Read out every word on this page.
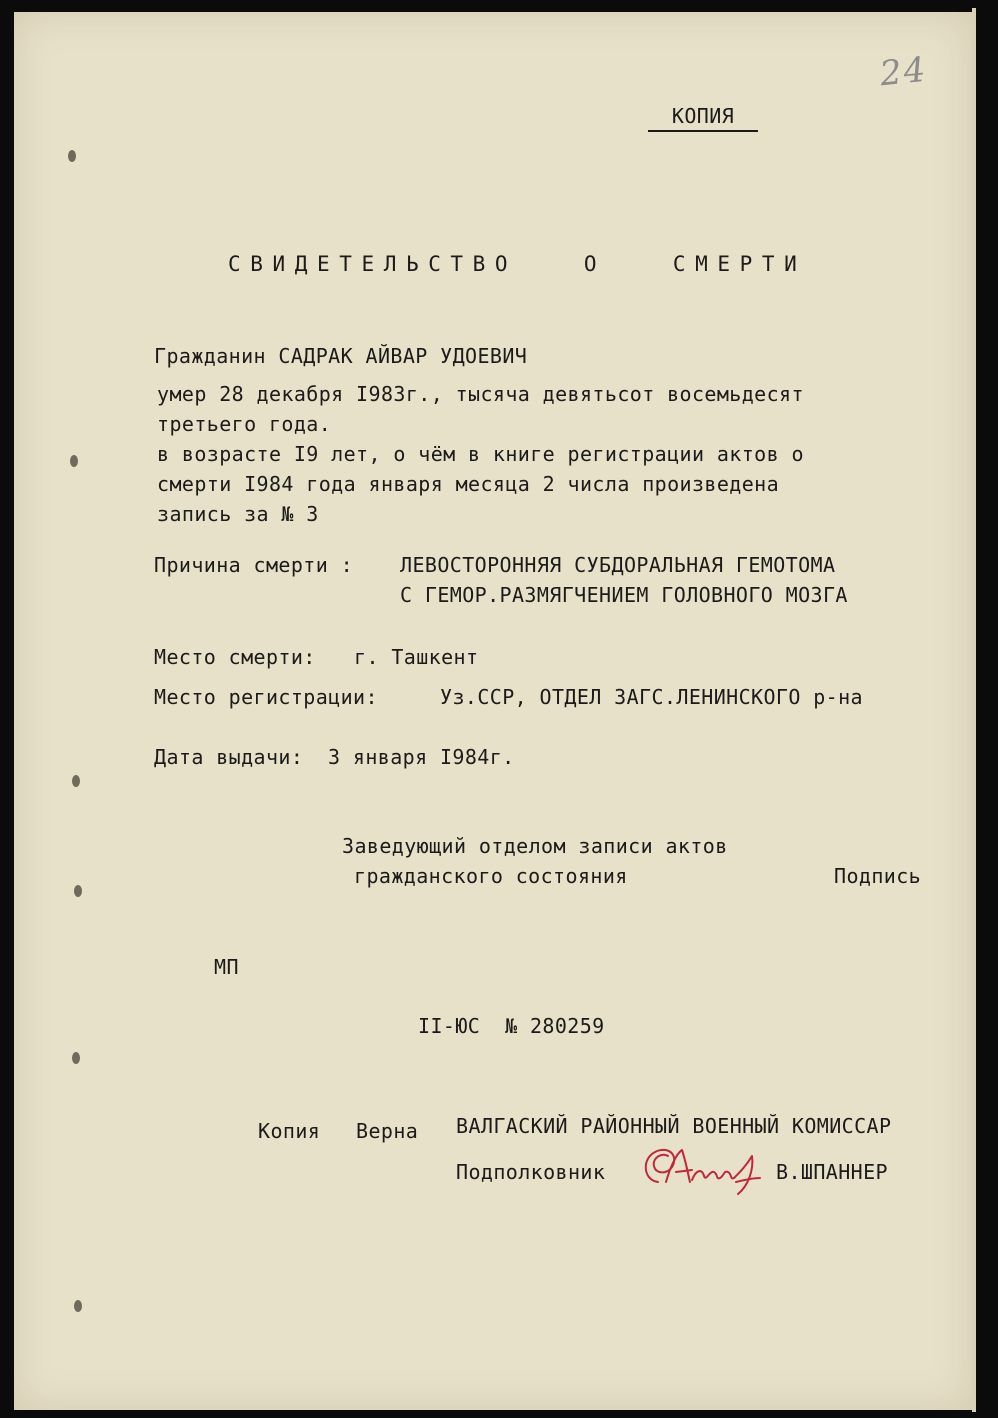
24
КОПИЯ
СВИДЕТЕЛЬСТВО   О   СМЕРТИ
Гражданин САДРАК АЙВАР УДОЕВИЧ
умер 28 декабря I983г., тысяча девятьсот восемьдесят
третьего года.
в возрасте I9 лет, о чём в книге регистрации актов о
смерти I984 года января месяца 2 числа произведена
запись за № 3
Причина смерти : ЛЕВОСТОРОННЯЯ СУБДОРАЛЬНАЯ ГЕМОТОМА
С ГЕМОР.РАЗМЯГЧЕНИЕМ ГОЛОВНОГО МОЗГА
Место смерти: г. Ташкент
Место регистрации:	Уз.ССР, ОТДЕЛ ЗАГС.ЛЕНИНСКОГО р-на
Дата выдачи: 3 января I984г.
Заведующий отделом записи актов
гражданского состояния	Подпись
МП
II-ЮС  № 280259
Копия Верна ВАЛГАСКИЙ РАЙОННЫЙ ВОЕННЫЙ КОМИССАР
Подполковник	В.ШПАННЕР
